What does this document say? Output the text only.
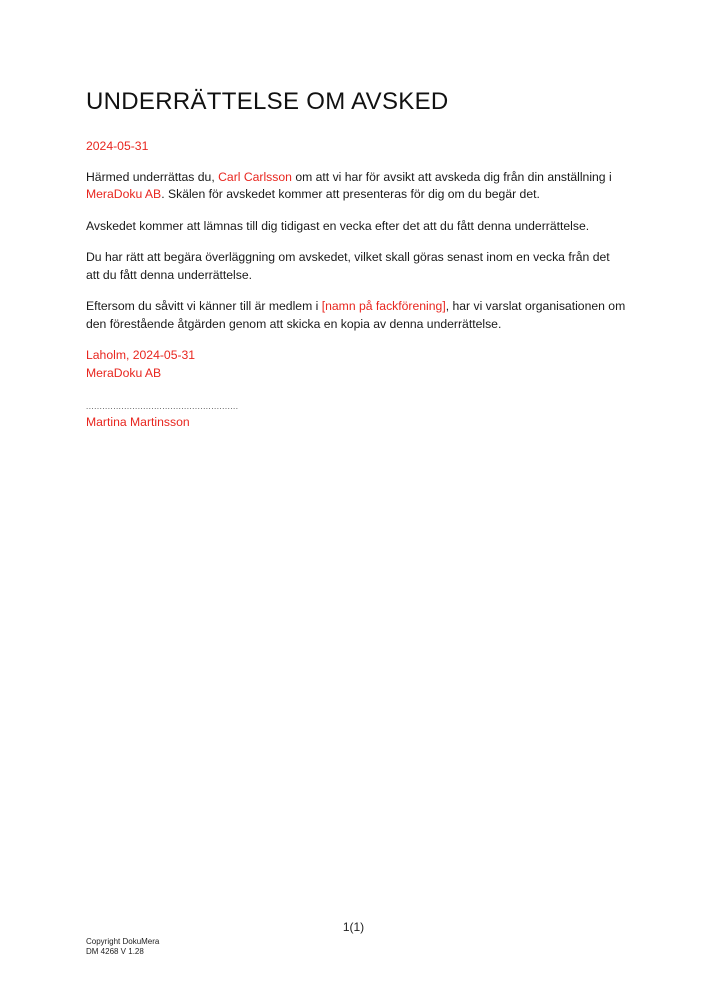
UNDERRÄTTELSE OM AVSKED

2024-05-31

Härmed underrättas du, Carl Carlsson om att vi har för avsikt att avskeda dig från din anställning i MeraDoku AB. Skälen för avskedet kommer att presenteras för dig om du begär det.

Avskedet kommer att lämnas till dig tidigast en vecka efter det att du fått denna underrättelse.

Du har rätt att begära överläggning om avskedet, vilket skall göras senast inom en vecka från det att du fått denna underrättelse.

Eftersom du såvitt vi känner till är medlem i [namn på fackförening], har vi varslat organisationen om den förestående åtgärden genom att skicka en kopia av denna underrättelse.

Laholm, 2024-05-31

MeraDoku AB

........................................................

Martina Martinsson

1(1)
Copyright DokuMera
DM 4268 V 1.28
